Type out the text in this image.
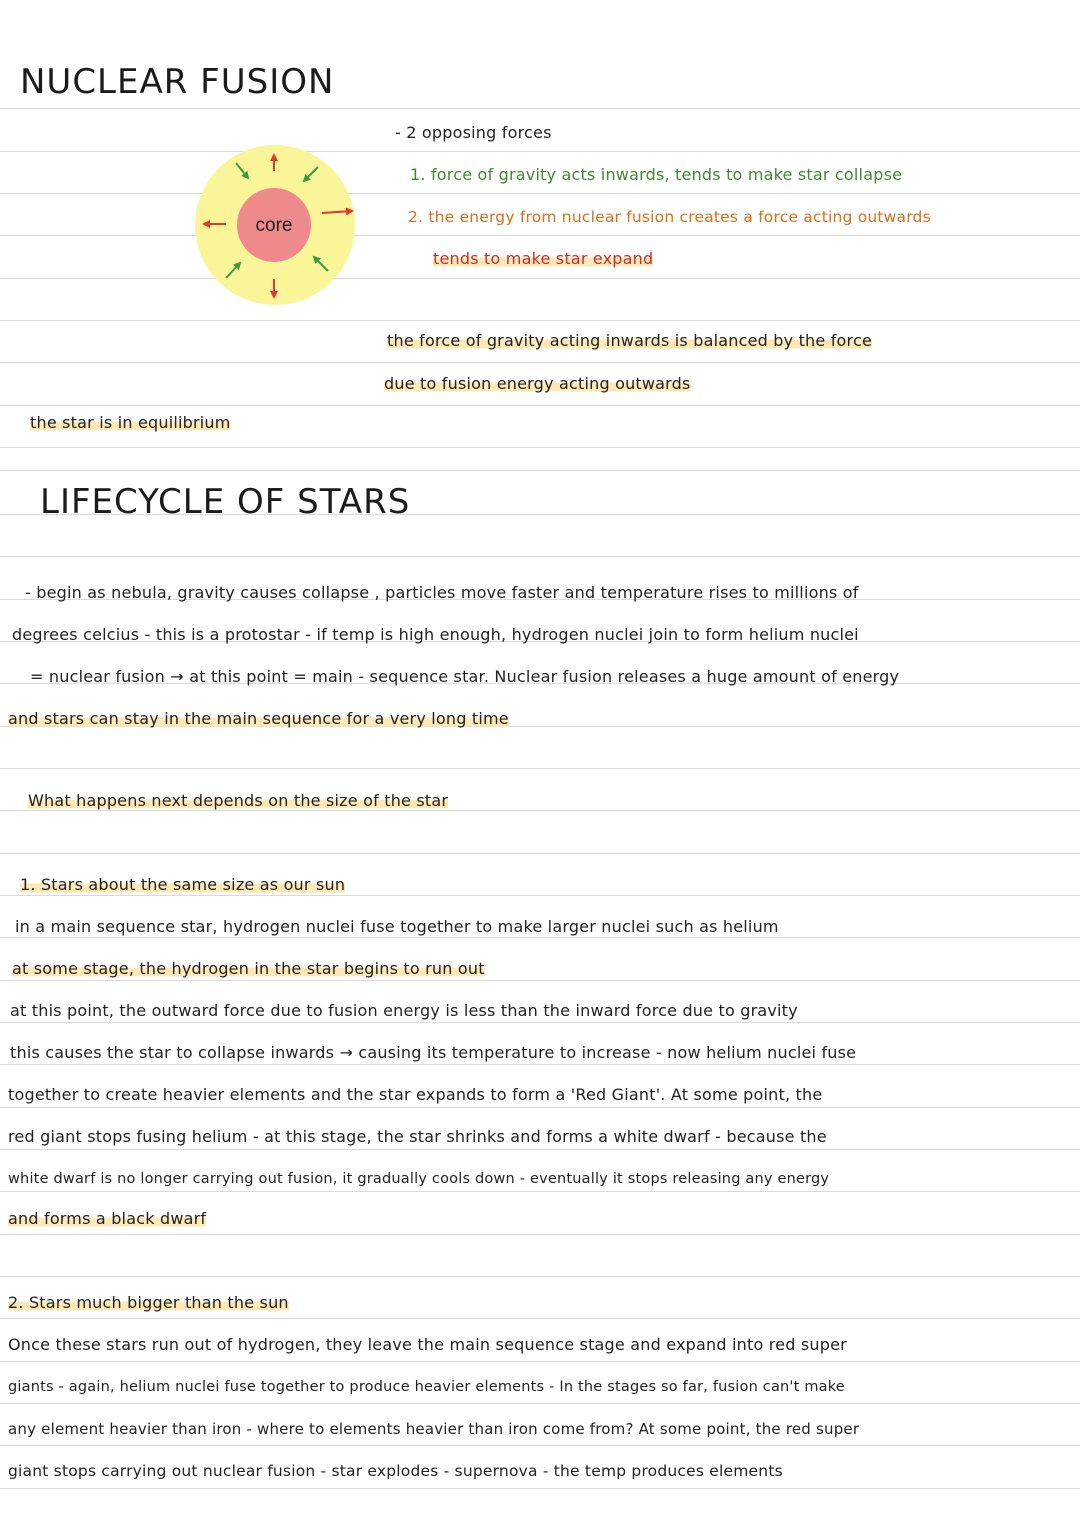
NUCLEAR FUSION
core
- 2 opposing forces
1. force of gravity acts inwards, tends to make star collapse
2. the energy from nuclear fusion creates a force acting outwards
tends to make star expand
the force of gravity acting inwards is balanced by the force
due to fusion energy acting outwards
the star is in equilibrium
LIFECYCLE OF STARS
- begin as nebula, gravity causes collapse , particles move faster and temperature rises to millions of
degrees celcius - this is a protostar - if temp is high enough, hydrogen nuclei join to form helium nuclei
= nuclear fusion → at this point = main - sequence star. Nuclear fusion releases a huge amount of energy
and stars can stay in the main sequence for a very long time
What happens next depends on the size of the star
1. Stars about the same size as our sun
in a main sequence star, hydrogen nuclei fuse together to make larger nuclei such as helium
at some stage, the hydrogen in the star begins to run out
at this point, the outward force due to fusion energy is less than the inward force due to gravity
this causes the star to collapse inwards → causing its temperature to increase - now helium nuclei fuse
together to create heavier elements and the star expands to form a 'Red Giant'. At some point, the
red giant stops fusing helium - at this stage, the star shrinks and forms a white dwarf - because the
white dwarf is no longer carrying out fusion, it gradually cools down - eventually it stops releasing any energy
and forms a black dwarf
2. Stars much bigger than the sun
Once these stars run out of hydrogen, they leave the main sequence stage and expand into red super
giants - again, helium nuclei fuse together to produce heavier elements - In the stages so far, fusion can't make
any element heavier than iron - where to elements heavier than iron come from? At some point, the red super
giant stops carrying out nuclear fusion - star explodes - supernova - the temp produces elements
